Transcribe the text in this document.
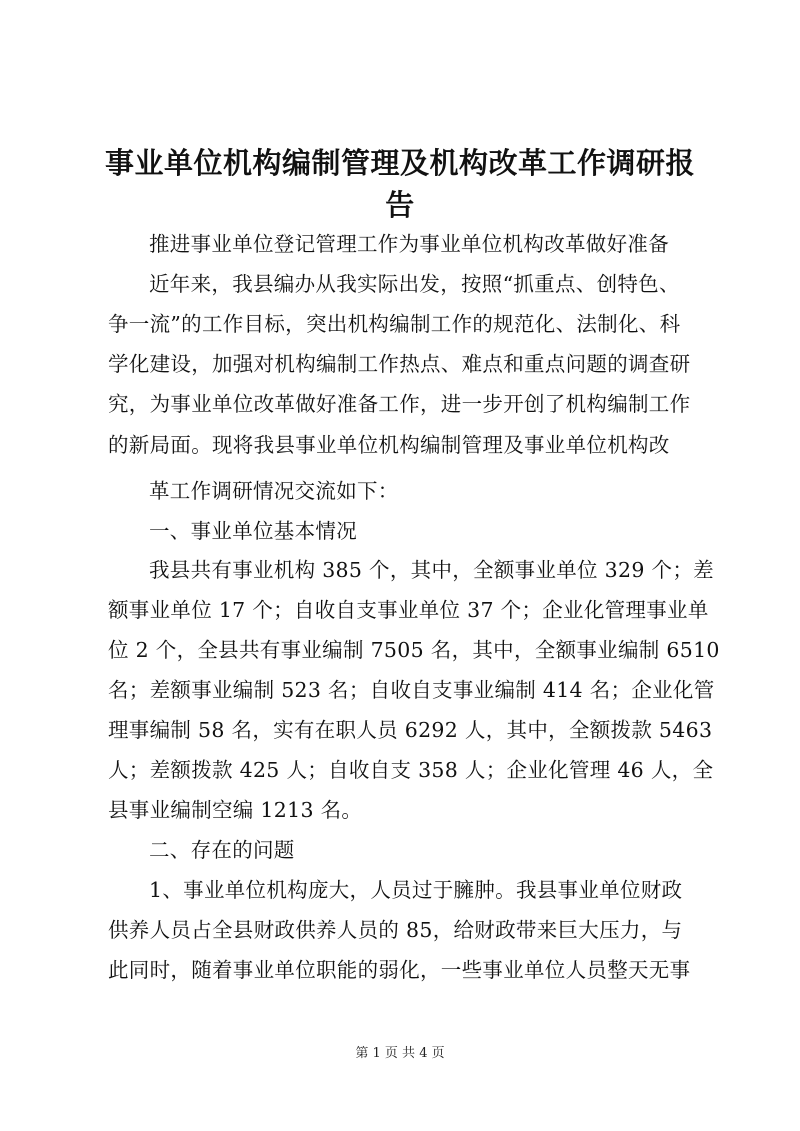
事业单位机构编制管理及机构改革工作调研报
告
推进事业单位登记管理工作为事业单位机构改革做好准备
近年来，我县编办从我实际出发，按照“抓重点、创特色、
争一流”的工作目标，突出机构编制工作的规范化、法制化、科
学化建设，加强对机构编制工作热点、难点和重点问题的调查研
究，为事业单位改革做好准备工作，进一步开创了机构编制工作
的新局面。现将我县事业单位机构编制管理及事业单位机构改
革工作调研情况交流如下：
一、事业单位基本情况
我县共有事业机构 385 个，其中，全额事业单位 329 个；差
额事业单位 17 个；自收自支事业单位 37 个；企业化管理事业单
位 2 个，全县共有事业编制 7505 名，其中，全额事业编制 6510
名；差额事业编制 523 名；自收自支事业编制 414 名；企业化管
理事编制 58 名，实有在职人员 6292 人，其中，全额拨款 5463
人；差额拨款 425 人；自收自支 358 人；企业化管理 46 人，全
县事业编制空编 1213 名。
二、存在的问题
1、事业单位机构庞大，人员过于臃肿。我县事业单位财政
供养人员占全县财政供养人员的 85，给财政带来巨大压力，与
此同时，随着事业单位职能的弱化，一些事业单位人员整天无事
第 1 页 共 4 页
